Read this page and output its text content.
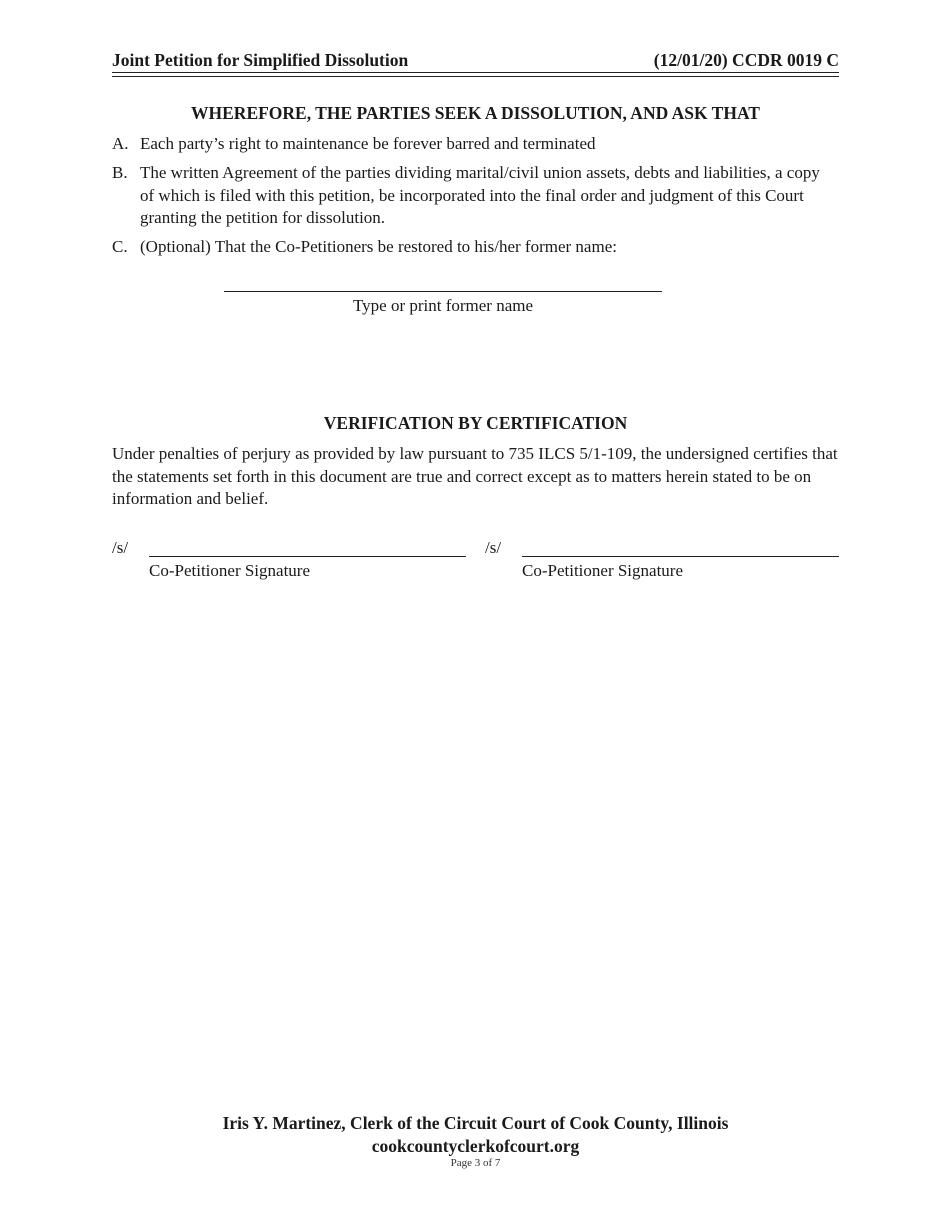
Joint Petition for Simplified Dissolution	(12/01/20) CCDR 0019 C
WHEREFORE, THE PARTIES SEEK A DISSOLUTION, AND ASK THAT
A. Each party’s right to maintenance be forever barred and terminated
B. The written Agreement of the parties dividing marital/civil union assets, debts and liabilities, a copy of which is filed with this petition, be incorporated into the final order and judgment of this Court granting the petition for dissolution.
C. (Optional) That the Co-Petitioners be restored to his/her former name:
Type or print former name
VERIFICATION BY CERTIFICATION
Under penalties of perjury as provided by law pursuant to 735 ILCS 5/1-109, the undersigned certifies that the statements set forth in this document are true and correct except as to matters herein stated to be on information and belief.
/s/
Co-Petitioner Signature
/s/
Co-Petitioner Signature
Iris Y. Martinez, Clerk of the Circuit Court of Cook County, Illinois
cookcountyclerkofcourt.org
Page 3 of 7
